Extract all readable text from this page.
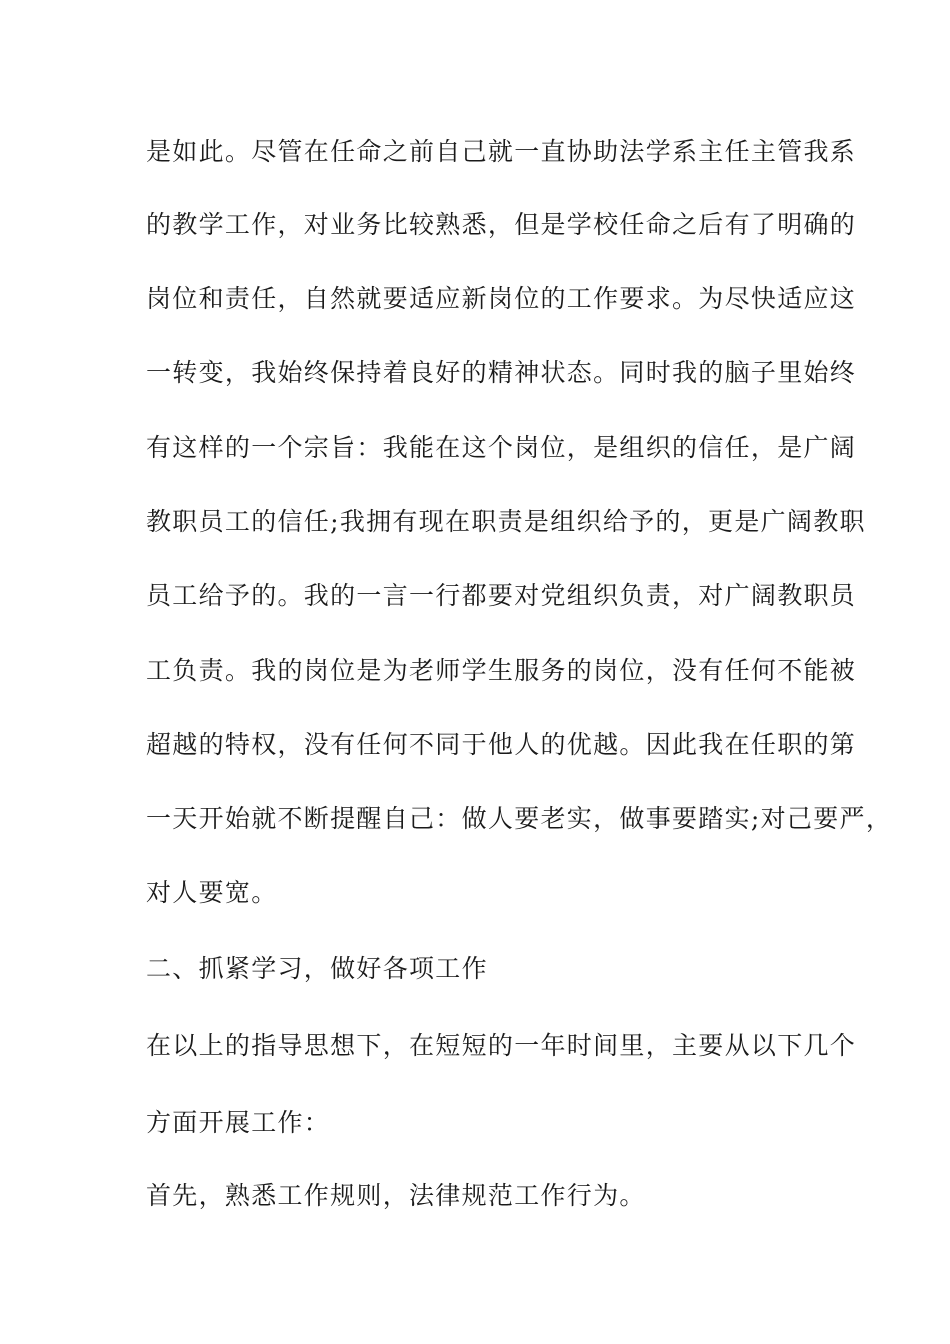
是如此。尽管在任命之前自己就一直协助法学系主任主管我系
的教学工作，对业务比较熟悉，但是学校任命之后有了明确的
岗位和责任，自然就要适应新岗位的工作要求。为尽快适应这
一转变，我始终保持着良好的精神状态。同时我的脑子里始终
有这样的一个宗旨：我能在这个岗位，是组织的信任，是广阔
教职员工的信任;我拥有现在职责是组织给予的，更是广阔教职
员工给予的。我的一言一行都要对党组织负责，对广阔教职员
工负责。我的岗位是为老师学生服务的岗位，没有任何不能被
超越的特权，没有任何不同于他人的优越。因此我在任职的第
一天开始就不断提醒自己：做人要老实，做事要踏实;对己要严，
对人要宽。
二、抓紧学习，做好各项工作
在以上的指导思想下，在短短的一年时间里，主要从以下几个
方面开展工作：
首先，熟悉工作规则，法律规范工作行为。
